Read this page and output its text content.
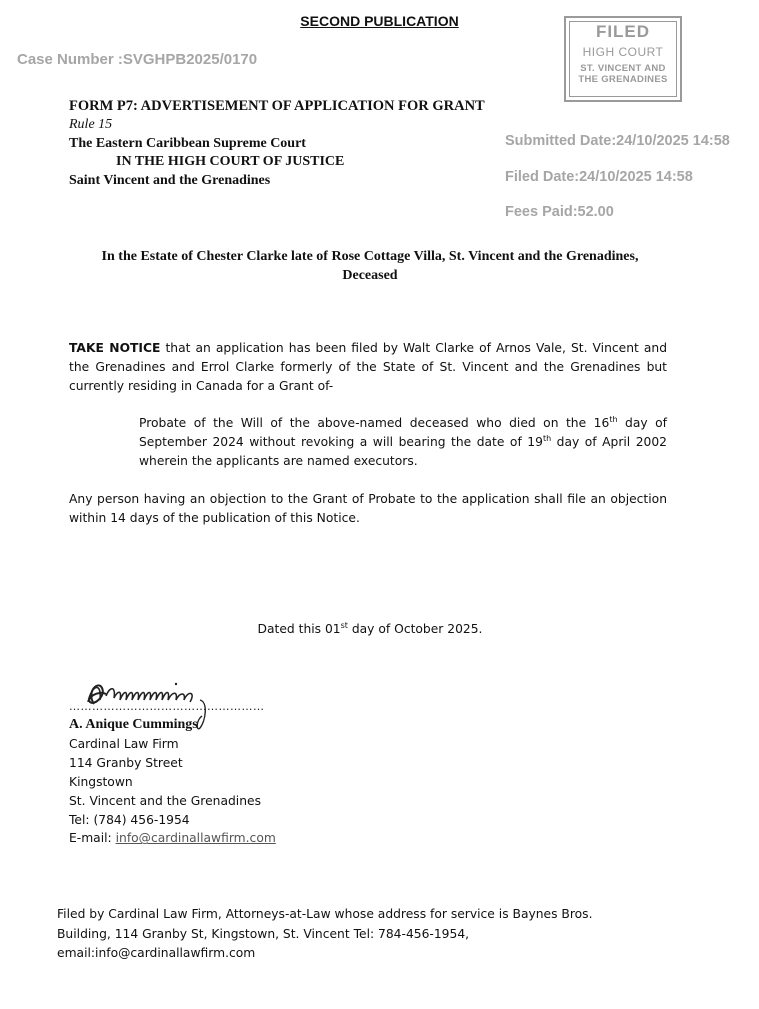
SECOND PUBLICATION
Case Number :SVGHPB2025/0170
FILED
HIGH COURT
ST. VINCENT AND
THE GRENADINES
Submitted Date:24/10/2025 14:58
Filed Date:24/10/2025 14:58
Fees Paid:52.00
FORM P7: ADVERTISEMENT OF APPLICATION FOR GRANT
Rule 15
The Eastern Caribbean Supreme Court
IN THE HIGH COURT OF JUSTICE
Saint Vincent and the Grenadines
In the Estate of Chester Clarke late of Rose Cottage Villa, St. Vincent and the Grenadines,
Deceased
TAKE NOTICE that an application has been filed by Walt Clarke of Arnos Vale, St. Vincent and the Grenadines and Errol Clarke formerly of the State of St. Vincent and the Grenadines but currently residing in Canada for a Grant of-
Probate of the Will of the above-named deceased who died on the 16th day of September 2024 without revoking a will bearing the date of 19th day of April 2002 wherein the applicants are named executors.
Any person having an objection to the Grant of Probate to the application shall file an objection within 14 days of the publication of this Notice.
Dated this 01st day of October 2025.
……………………………………………
A. Anique Cummings
Cardinal Law Firm
114 Granby Street
Kingstown
St. Vincent and the Grenadines
Tel: (784) 456-1954
E-mail: info@cardinallawfirm.com
Filed by Cardinal Law Firm, Attorneys-at-Law whose address for service is Baynes Bros.
Building, 114 Granby St, Kingstown, St. Vincent Tel: 784-456-1954,
email:info@cardinallawfirm.com
